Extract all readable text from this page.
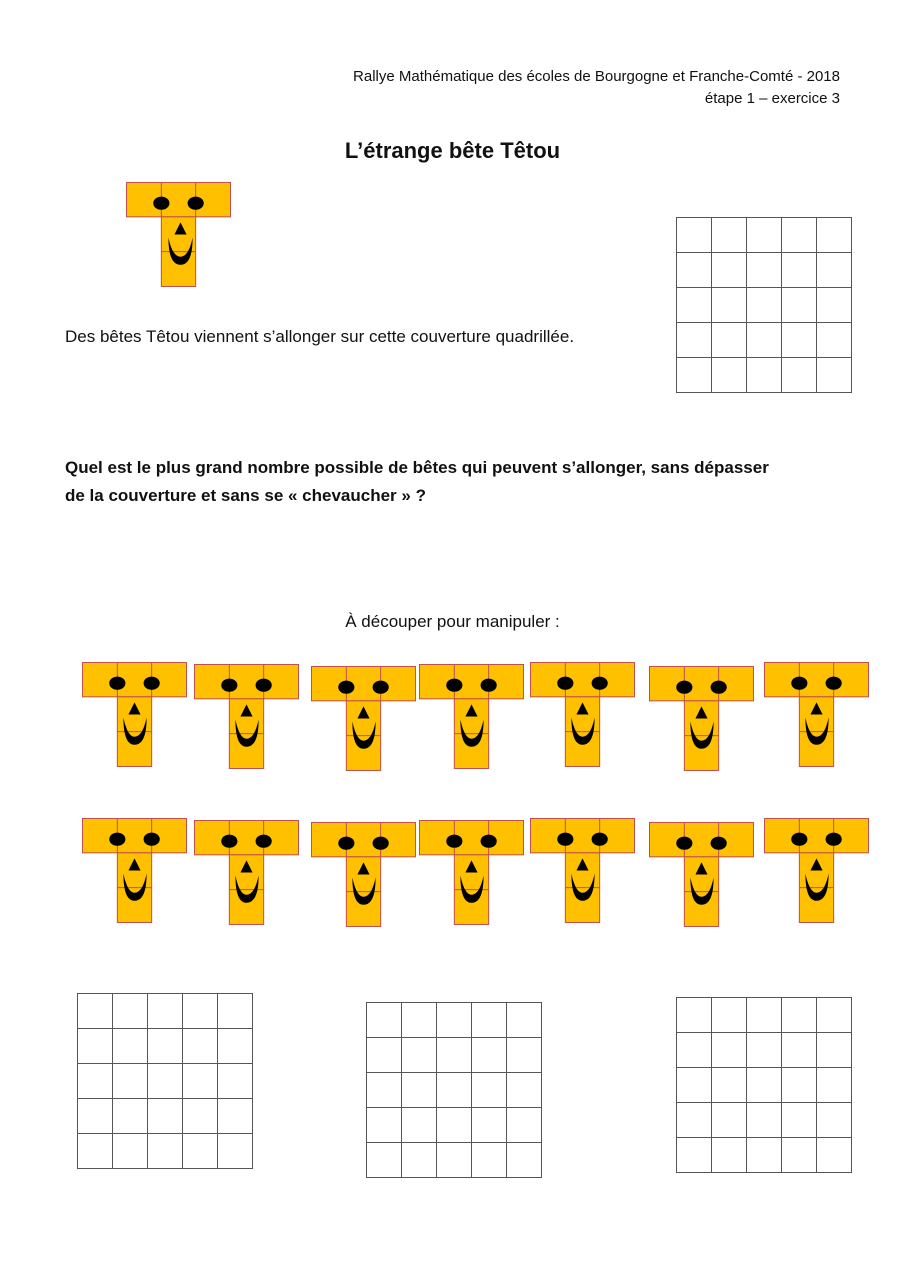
Rallye Mathématique des écoles de Bourgogne et Franche-Comté - 2018
étape 1 – exercice 3
L’étrange bête Têtou
Des bêtes Têtou viennent s’allonger sur cette couverture quadrillée.
Quel est le plus grand nombre possible de bêtes qui peuvent s’allonger, sans dépasser
de la couverture et sans se « chevaucher » ?
À découper pour manipuler :
